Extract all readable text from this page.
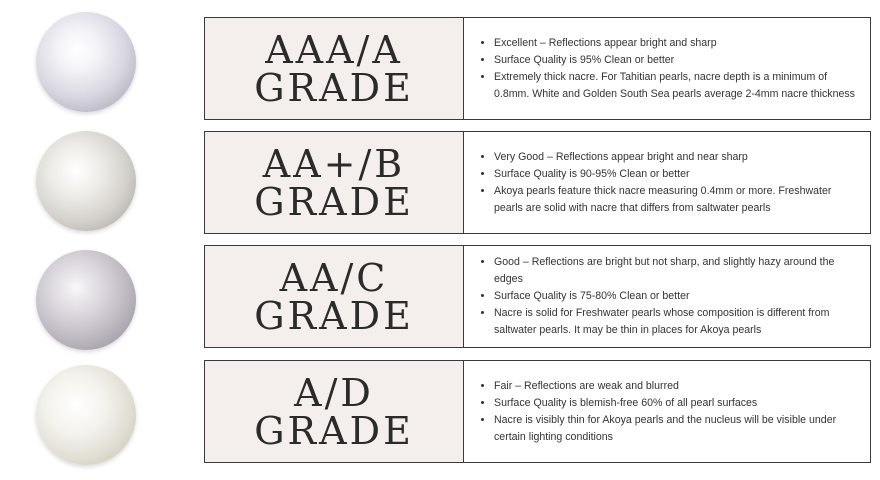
AAA/A
GRADE
• Excellent – Reflections appear bright and sharp
• Surface Quality is 95% Clean or better
• Extremely thick nacre. For Tahitian pearls, nacre depth is a minimum of 0.8mm. White and Golden South Sea pearls average 2-4mm nacre thickness
AA+/B
GRADE
• Very Good – Reflections appear bright and near sharp
• Surface Quality is 90-95% Clean or better
• Akoya pearls feature thick nacre measuring 0.4mm or more. Freshwater pearls are solid with nacre that differs from saltwater pearls
AA/C
GRADE
• Good – Reflections are bright but not sharp, and slightly hazy around the edges
• Surface Quality is 75-80% Clean or better
• Nacre is solid for Freshwater pearls whose composition is different from saltwater pearls. It may be thin in places for Akoya pearls
A/D
GRADE
• Fair – Reflections are weak and blurred
• Surface Quality is blemish-free 60% of all pearl surfaces
• Nacre is visibly thin for Akoya pearls and the nucleus will be visible under certain lighting conditions
